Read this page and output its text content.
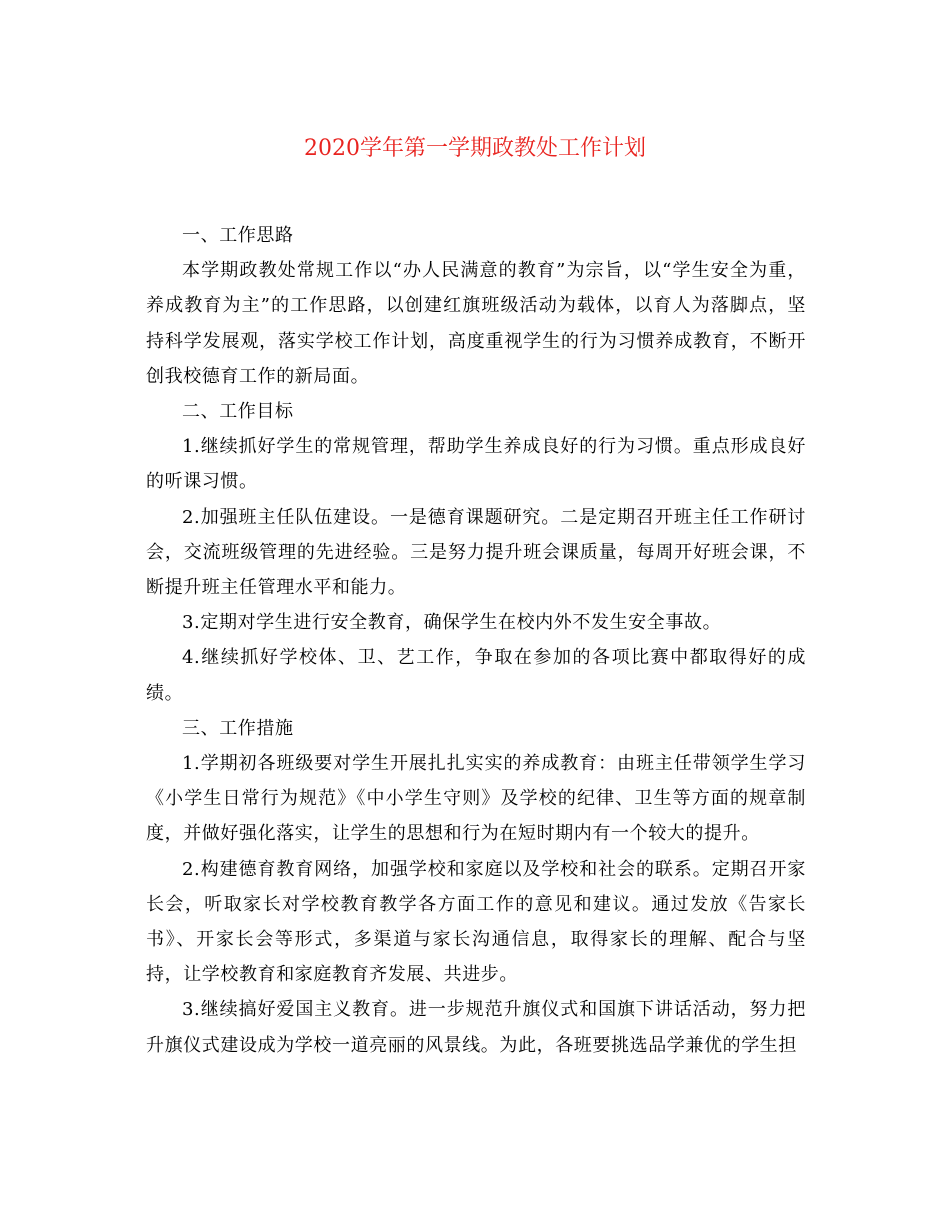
2020学年第一学期政教处工作计划

一、工作思路

本学期政教处常规工作以“办人民满意的教育”为宗旨，以“学生安全为重，养成教育为主”的工作思路，以创建红旗班级活动为载体，以育人为落脚点，坚持科学发展观，落实学校工作计划，高度重视学生的行为习惯养成教育，不断开创我校德育工作的新局面。

二、工作目标

1.继续抓好学生的常规管理，帮助学生养成良好的行为习惯。重点形成良好的听课习惯。

2.加强班主任队伍建设。一是德育课题研究。二是定期召开班主任工作研讨会，交流班级管理的先进经验。三是努力提升班会课质量，每周开好班会课，不断提升班主任管理水平和能力。

3.定期对学生进行安全教育，确保学生在校内外不发生安全事故。

4.继续抓好学校体、卫、艺工作，争取在参加的各项比赛中都取得好的成绩。

三、工作措施

1.学期初各班级要对学生开展扎扎实实的养成教育：由班主任带领学生学习《小学生日常行为规范》《中小学生守则》及学校的纪律、卫生等方面的规章制度，并做好强化落实，让学生的思想和行为在短时期内有一个较大的提升。

2.构建德育教育网络，加强学校和家庭以及学校和社会的联系。定期召开家长会，听取家长对学校教育教学各方面工作的意见和建议。通过发放《告家长书》、开家长会等形式，多渠道与家长沟通信息，取得家长的理解、配合与坚持，让学校教育和家庭教育齐发展、共进步。

3.继续搞好爱国主义教育。进一步规范升旗仪式和国旗下讲话活动，努力把升旗仪式建设成为学校一道亮丽的风景线。为此，各班要挑选品学兼优的学生担
